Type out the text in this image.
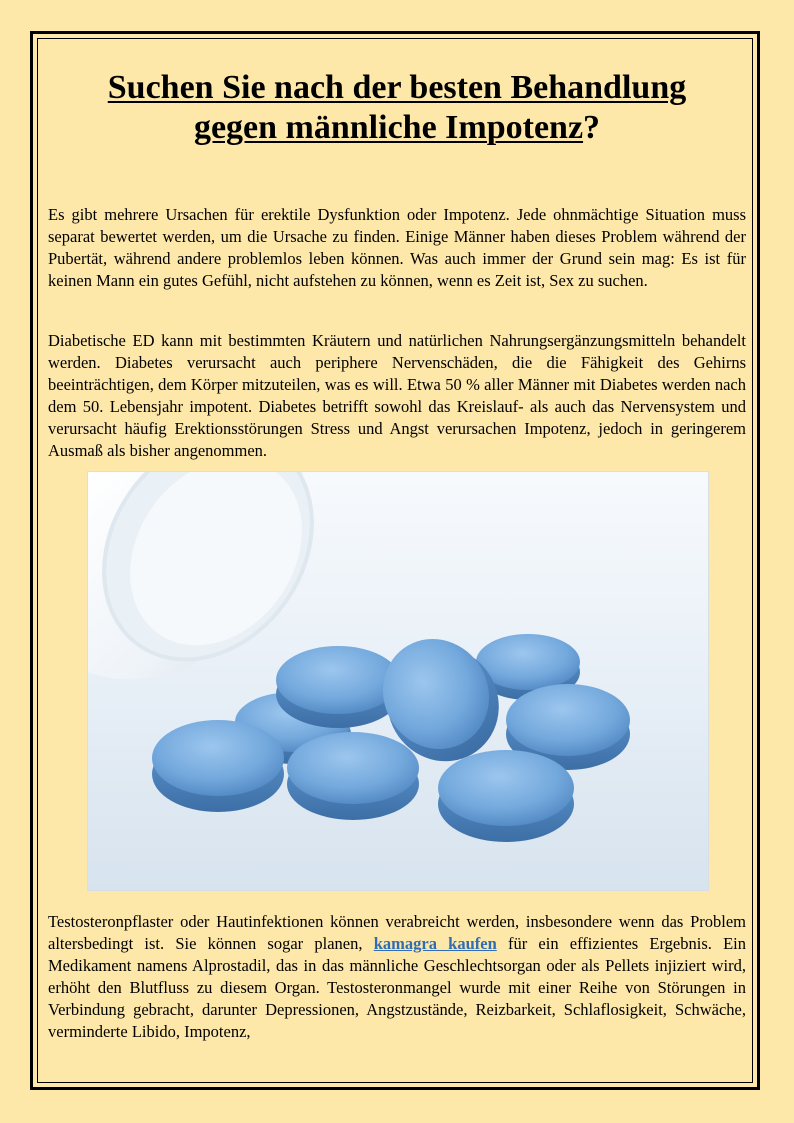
Suchen Sie nach der besten Behandlung
gegen männliche Impotenz?

Es gibt mehrere Ursachen für erektile Dysfunktion oder Impotenz. Jede ohnmächtige Situation muss separat bewertet werden, um die Ursache zu finden. Einige Männer haben dieses Problem während der Pubertät, während andere problemlos leben können. Was auch immer der Grund sein mag: Es ist für keinen Mann ein gutes Gefühl, nicht aufstehen zu können, wenn es Zeit ist, Sex zu suchen.

Diabetische ED kann mit bestimmten Kräutern und natürlichen Nahrungsergänzungsmitteln behandelt werden. Diabetes verursacht auch periphere Nervenschäden, die die Fähigkeit des Gehirns beeinträchtigen, dem Körper mitzuteilen, was es will. Etwa 50 % aller Männer mit Diabetes werden nach dem 50. Lebensjahr impotent. Diabetes betrifft sowohl das Kreislauf- als auch das Nervensystem und verursacht häufig Erektionsstörungen Stress und Angst verursachen Impotenz, jedoch in geringerem Ausmaß als bisher angenommen.

Testosteronpflaster oder Hautinfektionen können verabreicht werden, insbesondere wenn das Problem altersbedingt ist. Sie können sogar planen, kamagra kaufen für ein effizientes Ergebnis. Ein Medikament namens Alprostadil, das in das männliche Geschlechtsorgan oder als Pellets injiziert wird, erhöht den Blutfluss zu diesem Organ. Testosteronmangel wurde mit einer Reihe von Störungen in Verbindung gebracht, darunter Depressionen, Angstzustände, Reizbarkeit, Schlaflosigkeit, Schwäche, verminderte Libido, Impotenz,
